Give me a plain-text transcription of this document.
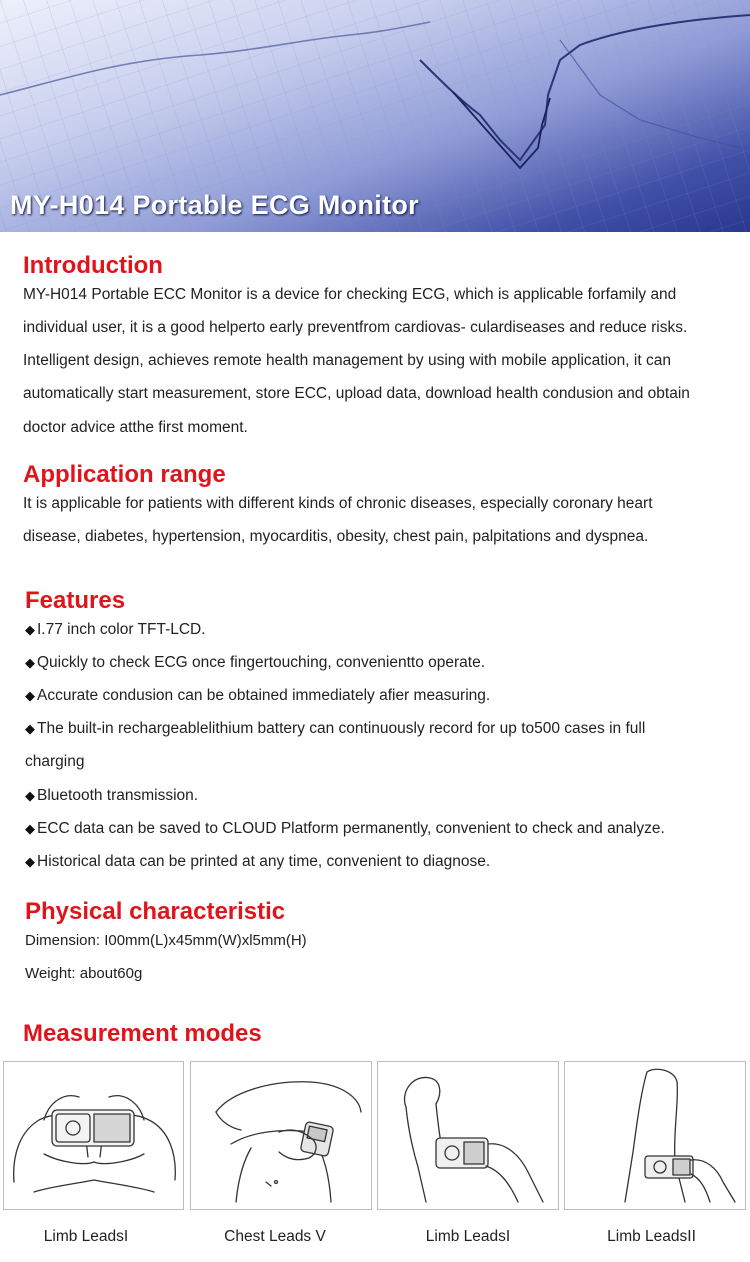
MY-H014 Portable ECG Monitor
Introduction
MY-H014 Portable ECC Monitor is a device for checking ECG, which is applicable forfamily and
individual user, it is a good helperto early preventfrom cardiovas- culardiseases and reduce risks.
Intelligent design, achieves remote health management by using with mobile application, it can
automatically start measurement, store ECC, upload data, download health condusion and obtain
doctor advice atthe first moment.
Application range
It is applicable for patients with different kinds of chronic diseases, especially coronary heart
disease, diabetes, hypertension, myocarditis, obesity, chest pain, palpitations and dyspnea.
Features
◆ I.77 inch color TFT-LCD.
◆ Quickly to check ECG once fingertouching, convenientto operate.
◆ Accurate condusion can be obtained immediately afier measuring.
◆ The built-in rechargeablelithium battery can continuously record for up to500 cases in full
charging
◆ Bluetooth transmission.
◆ ECC data can be saved to CLOUD Platform permanently, convenient to check and analyze.
◆ Historical data can be printed at any time, convenient to diagnose.
Physical characteristic
Dimension: I00mm(L)x45mm(W)xl5mm(H)
Weight: about60g
Measurement modes
Limb LeadsI	Chest Leads V	Limb LeadsI	Limb LeadsII
